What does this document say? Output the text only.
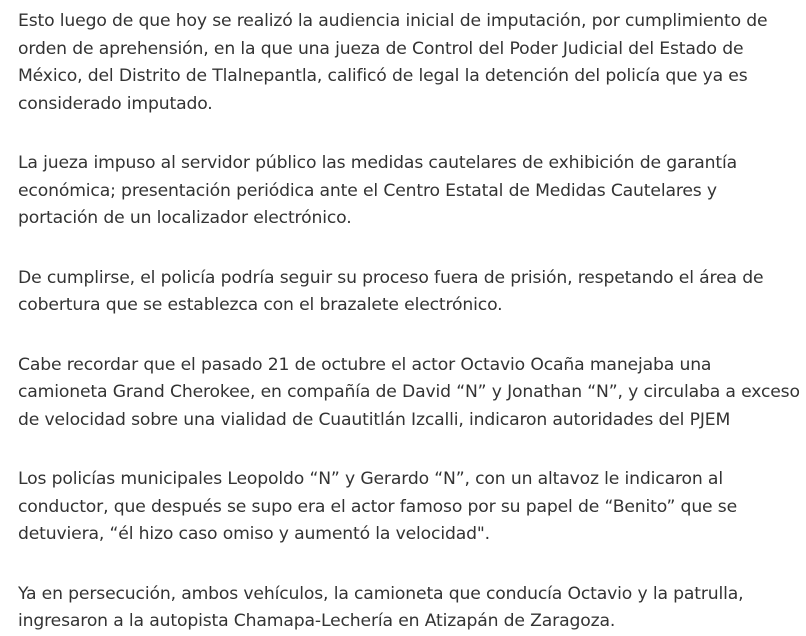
Esto luego de que hoy se realizó la audiencia inicial de imputación, por cumplimiento de orden de aprehensión, en la que una jueza de Control del Poder Judicial del Estado de México, del Distrito de Tlalnepantla, calificó de legal la detención del policía que ya es considerado imputado.

La jueza impuso al servidor público las medidas cautelares de exhibición de garantía económica; presentación periódica ante el Centro Estatal de Medidas Cautelares y portación de un localizador electrónico.

De cumplirse, el policía podría seguir su proceso fuera de prisión, respetando el área de cobertura que se establezca con el brazalete electrónico.

Cabe recordar que el pasado 21 de octubre el actor Octavio Ocaña manejaba una camioneta Grand Cherokee, en compañía de David “N” y Jonathan “N”, y circulaba a exceso de velocidad sobre una vialidad de Cuautitlán Izcalli, indicaron autoridades del PJEM

Los policías municipales Leopoldo “N” y Gerardo “N”, con un altavoz le indicaron al conductor, que después se supo era el actor famoso por su papel de “Benito” que se detuviera, “él hizo caso omiso y aumentó la velocidad".

Ya en persecución, ambos vehículos, la camioneta que conducía Octavio y la patrulla, ingresaron a la autopista Chamapa-Lechería en Atizapán de Zaragoza.
